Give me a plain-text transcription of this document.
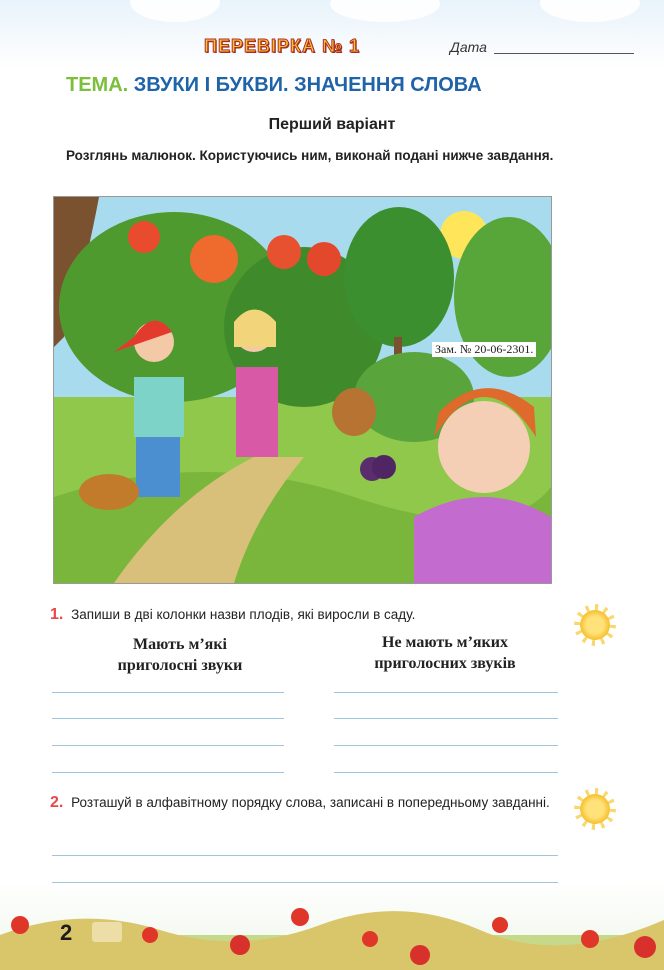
ПЕРЕВІРКА № 1	Дата
ТЕМА. ЗВУКИ І БУКВИ. ЗНАЧЕННЯ СЛОВА
Перший варіант
Розглянь малюнок. Користуючись ним, виконай подані нижче завдання.
Зам. № 20-06-2301.
1. Запиши в дві колонки назви плодів, які виросли в саду.
Мають м’які
приголосні звуки
Не мають м’яких
приголосних звуків
2. Розташуй в алфавітному порядку слова, записані в попередньому завданні.
2
